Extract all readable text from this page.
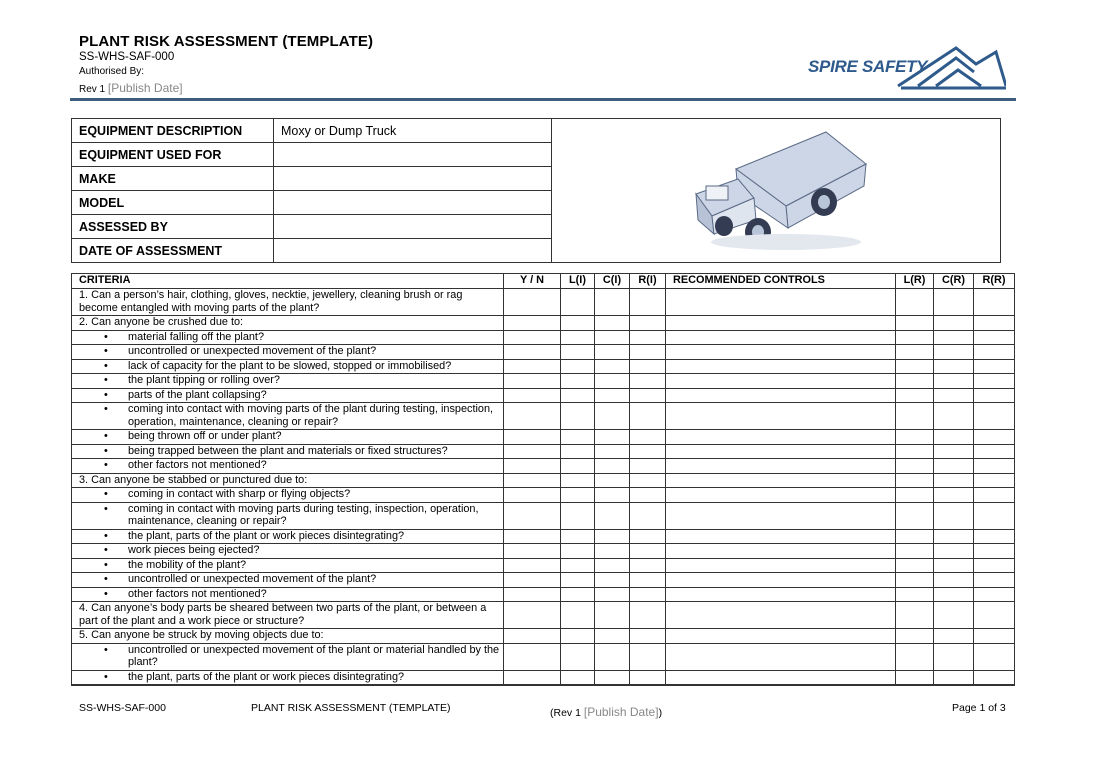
PLANT RISK ASSESSMENT (TEMPLATE)
SS-WHS-SAF-000
Authorised By:
Rev 1 [Publish Date]
SPIRE SAFETY
EQUIPMENT DESCRIPTION	Moxy or Dump Truck	
EQUIPMENT USED FOR		
MAKE		
MODEL		
ASSESSED BY		
DATE OF ASSESSMENT		
CRITERIA	Y / N	L(I)	C(I)	R(I)	RECOMMENDED CONTROLS	L(R)	C(R)	R(R)
1. Can a person’s hair, clothing, gloves, necktie, jewellery, cleaning brush or rag become entangled with moving parts of the plant?								
2. Can anyone be crushed due to:								

• material falling off the plant?

• uncontrolled or unexpected movement of the plant?

• lack of capacity for the plant to be slowed, stopped or immobilised?

• the plant tipping or rolling over?

• parts of the plant collapsing?

• coming into contact with moving parts of the plant during testing, inspection, operation, maintenance, cleaning or repair?

• being thrown off or under plant?

• being trapped between the plant and materials or fixed structures?

• other factors not mentioned?

3. Can anyone be stabbed or punctured due to:								

• coming in contact with sharp or flying objects?

• coming in contact with moving parts during testing, inspection, operation, maintenance, cleaning or repair?

• the plant, parts of the plant or work pieces disintegrating?

• work pieces being ejected?

• the mobility of the plant?

• uncontrolled or unexpected movement of the plant?

• other factors not mentioned?

4. Can anyone’s body parts be sheared between two parts of the plant, or between a part of the plant and a work piece or structure?								
5. Can anyone be struck by moving objects due to:								

• uncontrolled or unexpected movement of the plant or material handled by the plant?

• the plant, parts of the plant or work pieces disintegrating?

SS-WHS-SAF-000	PLANT RISK ASSESSMENT (TEMPLATE)	(Rev 1 [Publish Date])	Page 1 of 3
